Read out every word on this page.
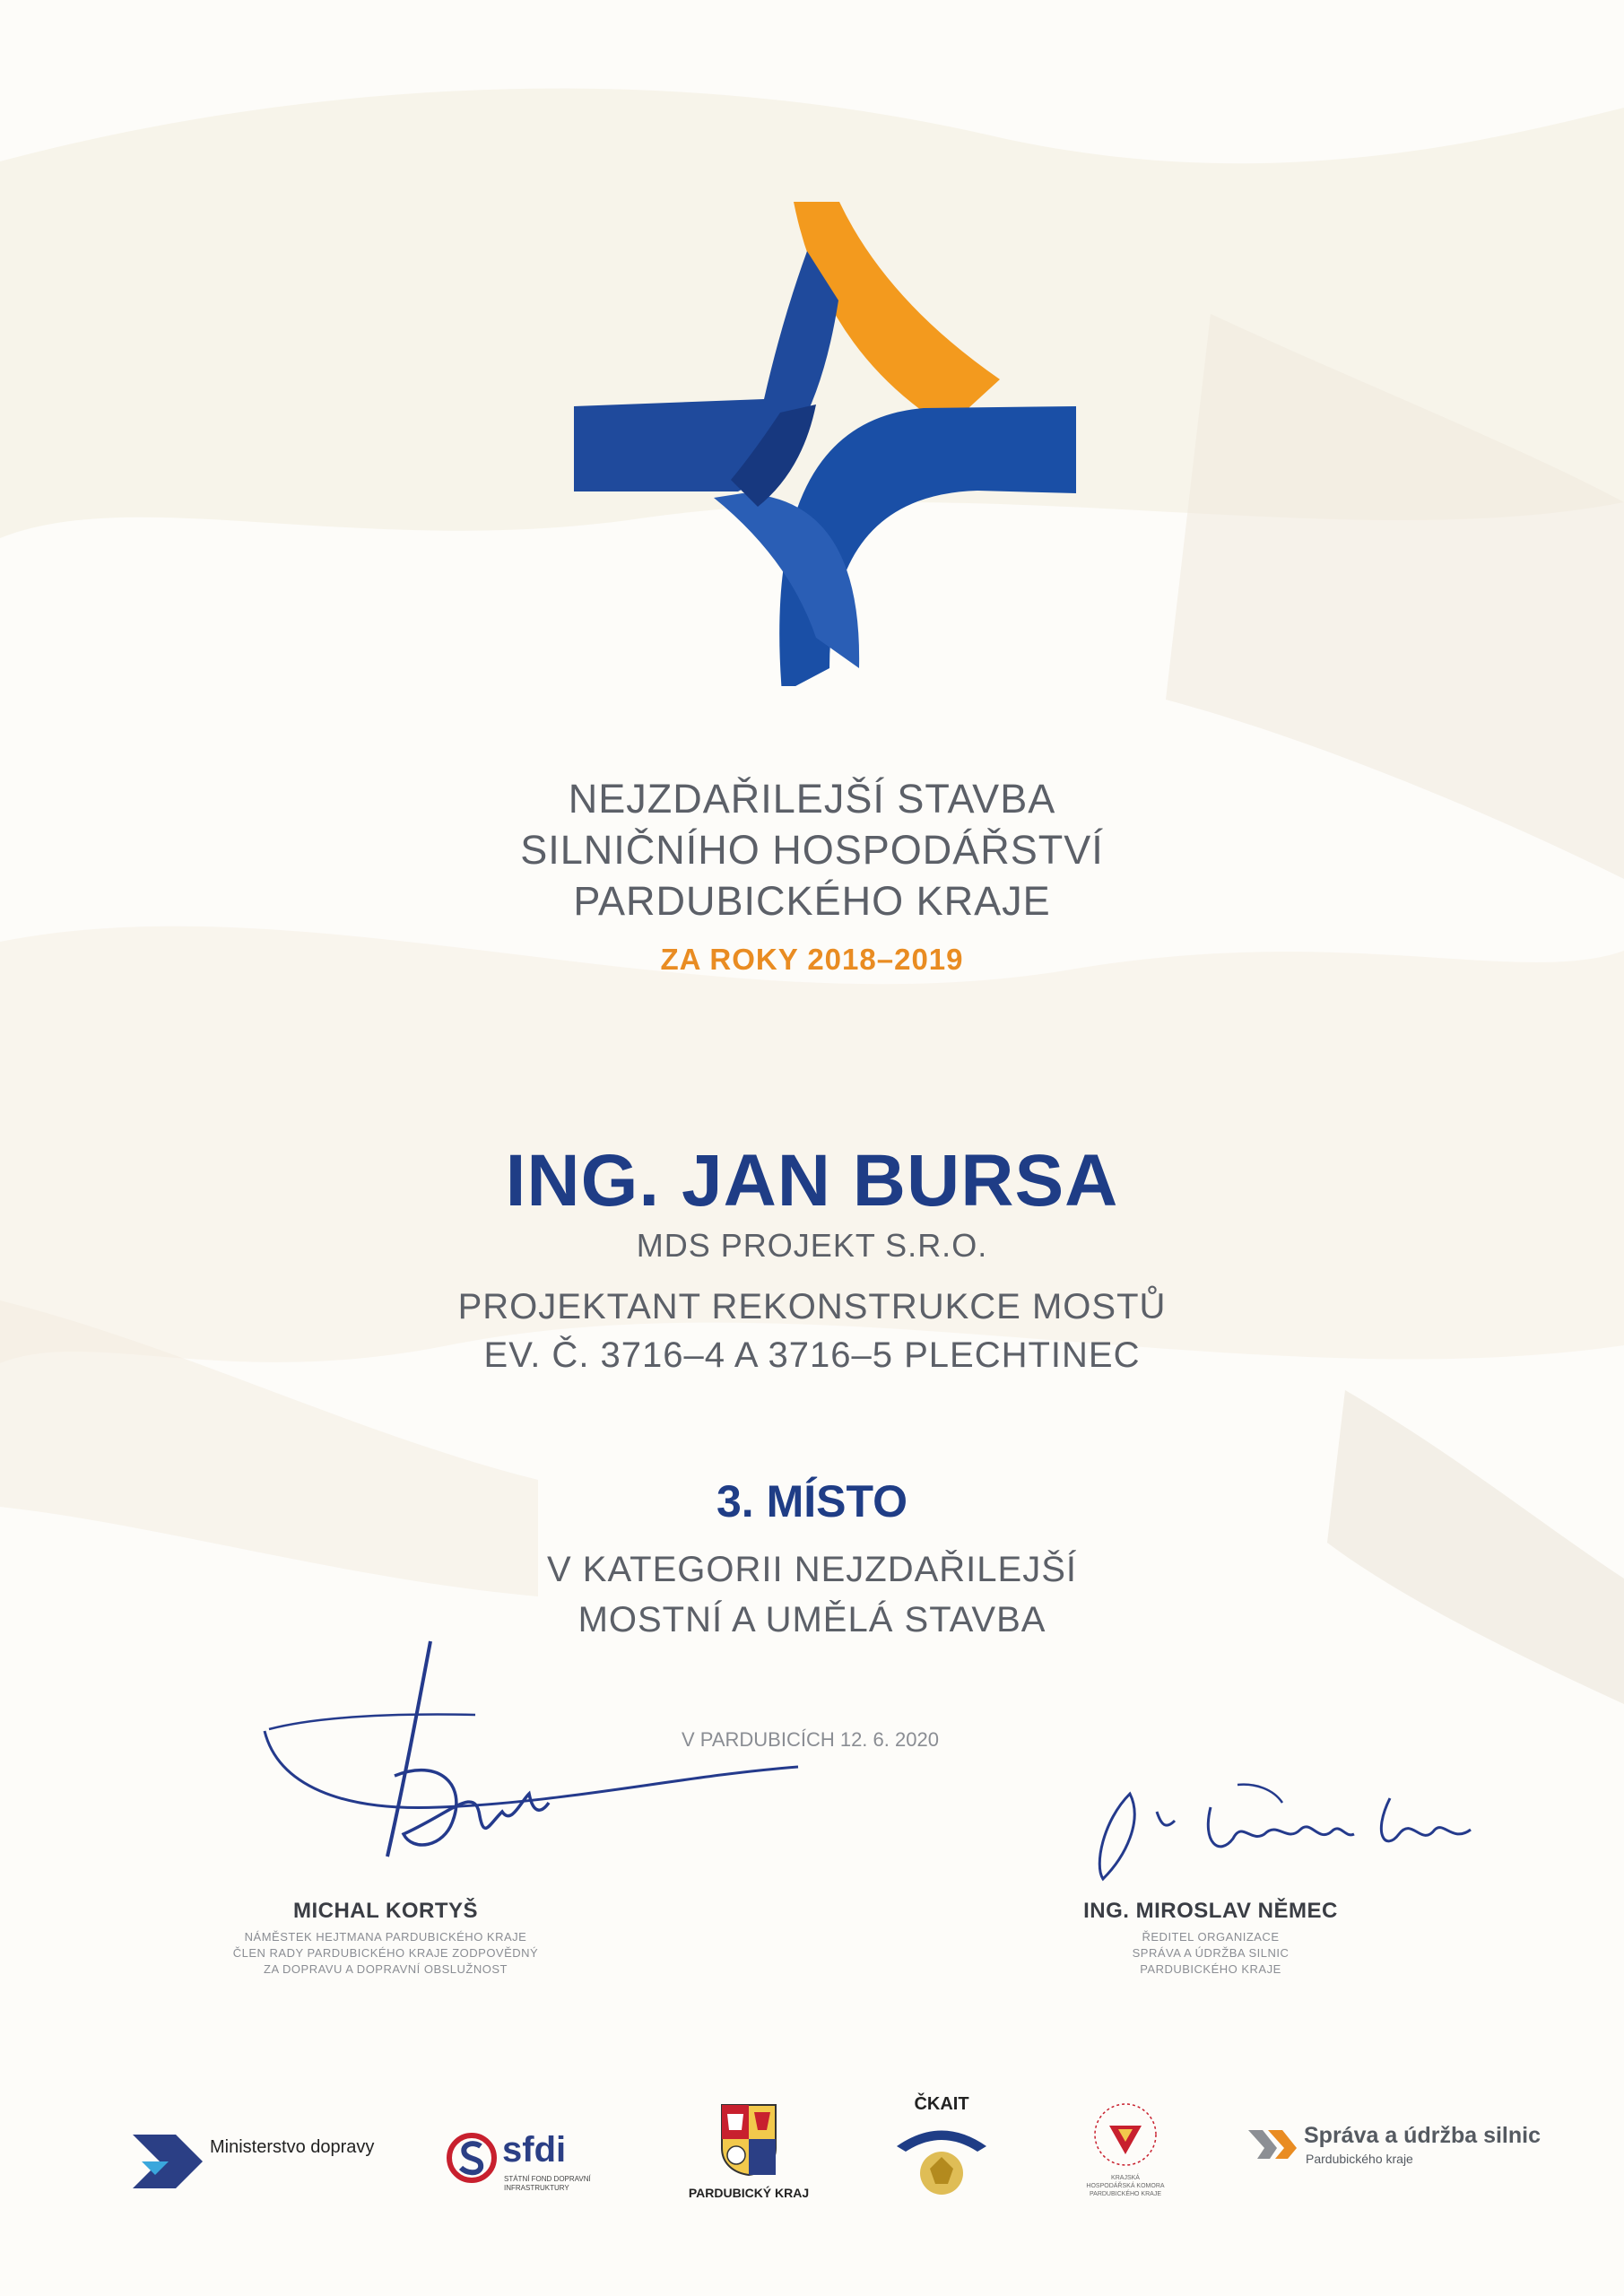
NEJZDAŘILEJŠÍ STAVBA
SILNIČNÍHO HOSPODÁŘSTVÍ
PARDUBICKÉHO KRAJE
ZA ROKY 2018–2019
ING. JAN BURSA
MDS PROJEKT S.R.O.
PROJEKTANT REKONSTRUKCE MOSTŮ
EV. Č. 3716–4 A 3716–5 PLECHTINEC
3. MÍSTO
V KATEGORII NEJZDAŘILEJŠÍ
MOSTNÍ A UMĚLÁ STAVBA
V PARDUBICÍCH 12. 6. 2020
MICHAL KORTYŠ
NÁMĚSTEK HEJTMANA PARDUBICKÉHO KRAJE
ČLEN RADY PARDUBICKÉHO KRAJE ZODPOVĚDNÝ
ZA DOPRAVU A DOPRAVNÍ OBSLUŽNOST
ING. MIROSLAV NĚMEC
ŘEDITEL ORGANIZACE
SPRÁVA A ÚDRŽBA SILNIC
PARDUBICKÉHO KRAJE
Ministerstvo dopravy	sfdi
STÁTNÍ FOND DOPRAVNÍ
INFRASTRUKTURY	PARDUBICKÝ KRAJ
ČKAIT
KRAJSKÁ
HOSPODÁŘSKÁ KOMORA
PARDUBICKÉHO KRAJE
Správa a údržba silnic
Pardubického kraje
